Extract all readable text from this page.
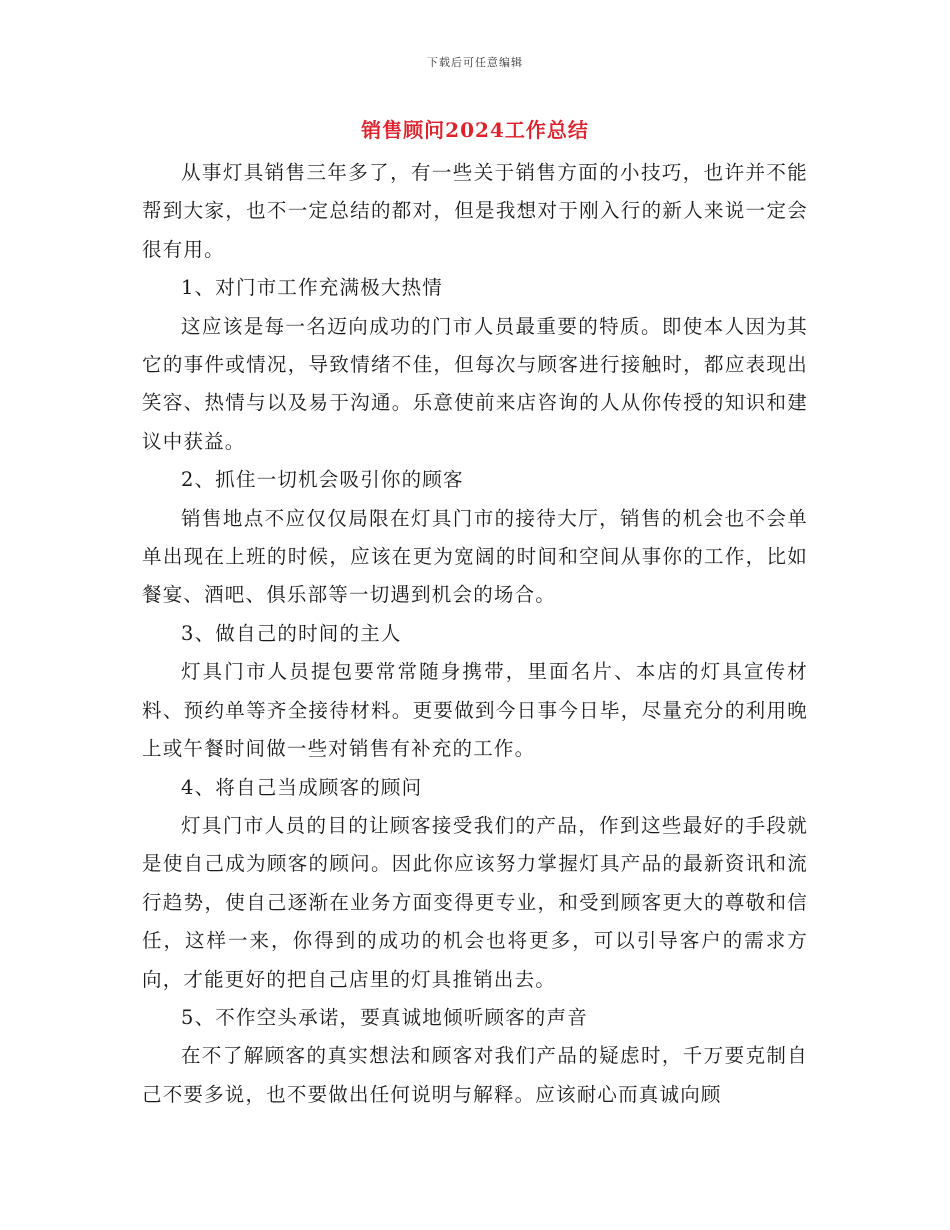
下载后可任意编辑
销售顾问2024工作总结

从事灯具销售三年多了，有一些关于销售方面的小技巧，也许并不能帮到大家，也不一定总结的都对，但是我想对于刚入行的新人来说一定会很有用。

1、对门市工作充满极大热情

这应该是每一名迈向成功的门市人员最重要的特质。即使本人因为其它的事件或情况，导致情绪不佳，但每次与顾客进行接触时，都应表现出笑容、热情与以及易于沟通。乐意使前来店咨询的人从你传授的知识和建议中获益。

2、抓住一切机会吸引你的顾客

销售地点不应仅仅局限在灯具门市的接待大厅，销售的机会也不会单单出现在上班的时候，应该在更为宽阔的时间和空间从事你的工作，比如餐宴、酒吧、俱乐部等一切遇到机会的场合。

3、做自己的时间的主人

灯具门市人员提包要常常随身携带，里面名片、本店的灯具宣传材料、预约单等齐全接待材料。更要做到今日事今日毕，尽量充分的利用晚上或午餐时间做一些对销售有补充的工作。

4、将自己当成顾客的顾问

灯具门市人员的目的让顾客接受我们的产品，作到这些最好的手段就是使自己成为顾客的顾问。因此你应该努力掌握灯具产品的最新资讯和流行趋势，使自己逐渐在业务方面变得更专业，和受到顾客更大的尊敬和信任，这样一来，你得到的成功的机会也将更多，可以引导客户的需求方向，才能更好的把自己店里的灯具推销出去。

5、不作空头承诺，要真诚地倾听顾客的声音

在不了解顾客的真实想法和顾客对我们产品的疑虑时，千万要克制自己不要多说，也不要做出任何说明与解释。应该耐心而真诚向顾
